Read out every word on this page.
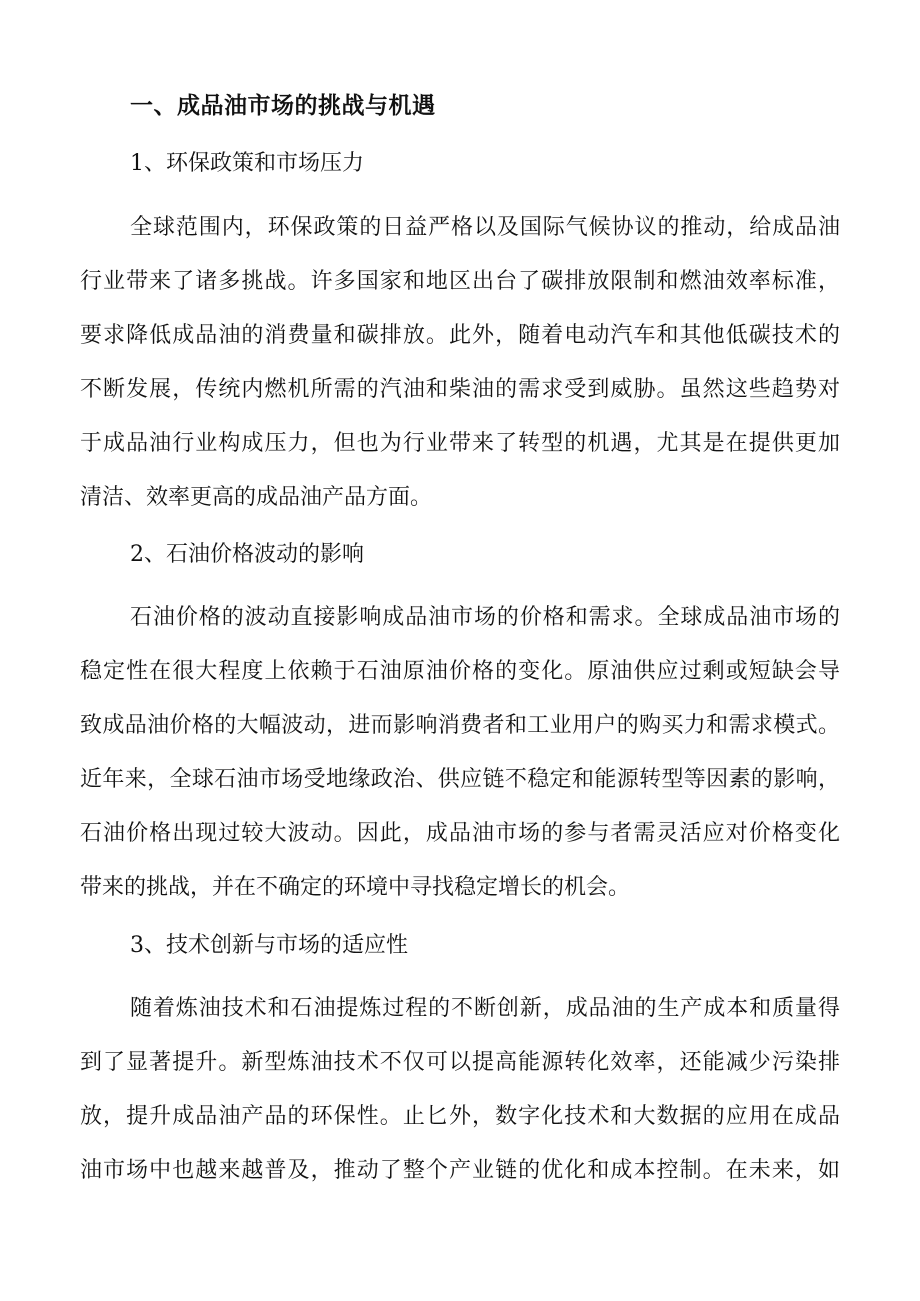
一、成品油市场的挑战与机遇
1、环保政策和市场压力
全球范围内，环保政策的日益严格以及国际气候协议的推动，给成品油
行业带来了诸多挑战。许多国家和地区出台了碳排放限制和燃油效率标准，
要求降低成品油的消费量和碳排放。此外，随着电动汽车和其他低碳技术的
不断发展，传统内燃机所需的汽油和柴油的需求受到威胁。虽然这些趋势对
于成品油行业构成压力，但也为行业带来了转型的机遇，尤其是在提供更加
清洁、效率更高的成品油产品方面。
2、石油价格波动的影响
石油价格的波动直接影响成品油市场的价格和需求。全球成品油市场的
稳定性在很大程度上依赖于石油原油价格的变化。原油供应过剩或短缺会导
致成品油价格的大幅波动，进而影响消费者和工业用户的购买力和需求模式。
近年来，全球石油市场受地缘政治、供应链不稳定和能源转型等因素的影响，
石油价格出现过较大波动。因此，成品油市场的参与者需灵活应对价格变化
带来的挑战，并在不确定的环境中寻找稳定增长的机会。
3、技术创新与市场的适应性
随着炼油技术和石油提炼过程的不断创新，成品油的生产成本和质量得
到了显著提升。新型炼油技术不仅可以提高能源转化效率，还能减少污染排
放，提升成品油产品的环保性。止匕外，数字化技术和大数据的应用在成品
油市场中也越来越普及，推动了整个产业链的优化和成本控制。在未来，如
